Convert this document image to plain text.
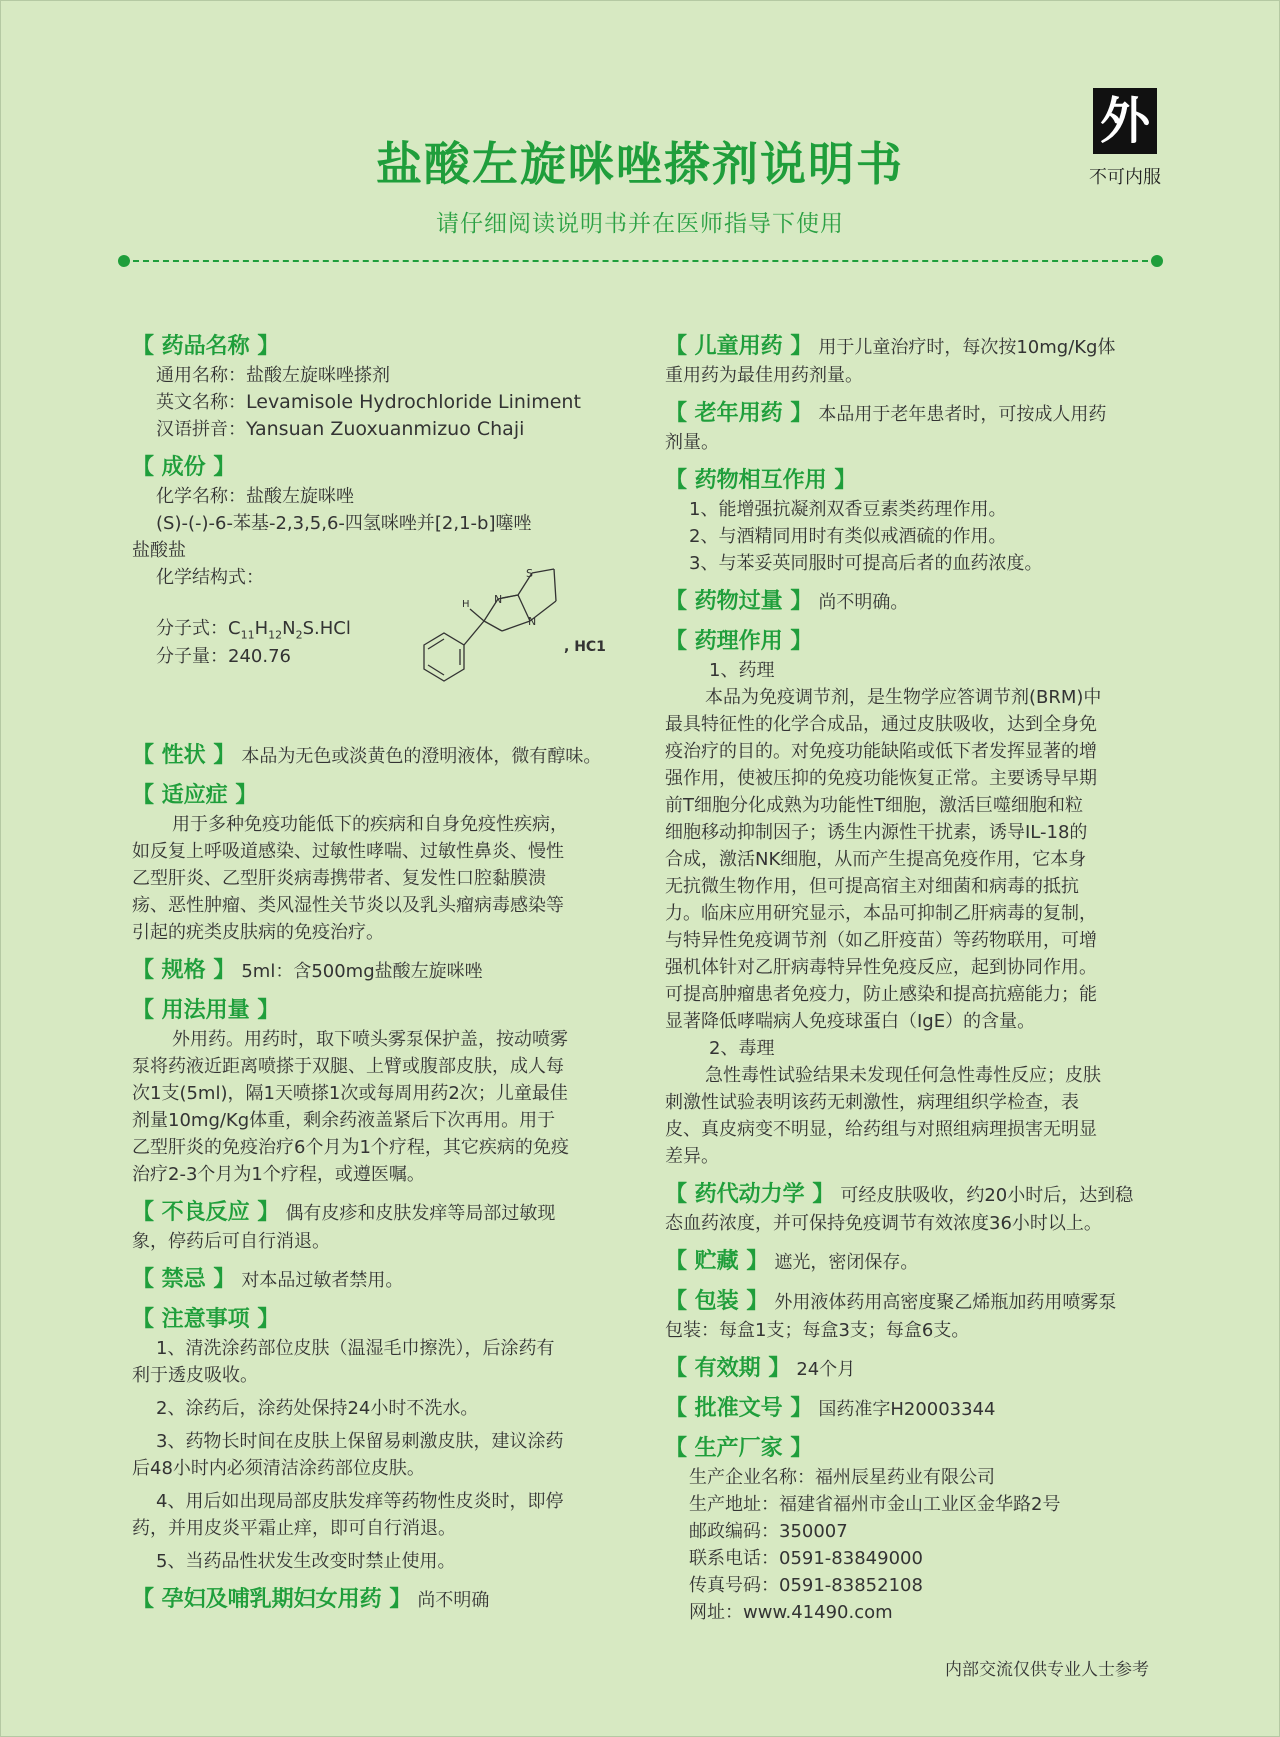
外
不可内服
盐酸左旋咪唑搽剂说明书
请仔细阅读说明书并在医师指导下使用
【 药品名称 】
通用名称：盐酸左旋咪唑搽剂
英文名称：Levamisole Hydrochloride Liniment
汉语拼音：Yansuan Zuoxuanmizuo Chaji
【 成份 】
化学名称：盐酸左旋咪唑
(S)-(-)-6-苯基-2,3,5,6-四氢咪唑并[2,1-b]噻唑
盐酸盐
化学结构式：
分子式：$C_{11}H_{12}N_2S.HCl$
分子量：240.76
H
S
N
N
, HC1
【 性状 】 本品为无色或淡黄色的澄明液体，微有醇味。
【 适应症 】
用于多种免疫功能低下的疾病和自身免疫性疾病，
如反复上呼吸道感染、过敏性哮喘、过敏性鼻炎、慢性
乙型肝炎、乙型肝炎病毒携带者、复发性口腔黏膜溃
疡、恶性肿瘤、类风湿性关节炎以及乳头瘤病毒感染等
引起的疣类皮肤病的免疫治疗。
【 规格 】 5ml：含500mg盐酸左旋咪唑
【 用法用量 】
外用药。用药时，取下喷头雾泵保护盖，按动喷雾
泵将药液近距离喷搽于双腿、上臂或腹部皮肤，成人每
次1支(5ml)，隔1天喷搽1次或每周用药2次；儿童最佳
剂量10mg/Kg体重，剩余药液盖紧后下次再用。用于
乙型肝炎的免疫治疗6个月为1个疗程，其它疾病的免疫
治疗2-3个月为1个疗程，或遵医嘱。
【 不良反应 】 偶有皮疹和皮肤发痒等局部过敏现
象，停药后可自行消退。
【 禁忌 】 对本品过敏者禁用。
【 注意事项 】
1、清洗涂药部位皮肤（温湿毛巾擦洗），后涂药有
利于透皮吸收。
2、涂药后，涂药处保持24小时不洗水。
3、药物长时间在皮肤上保留易刺激皮肤，建议涂药
后48小时内必须清洁涂药部位皮肤。
4、用后如出现局部皮肤发痒等药物性皮炎时，即停
药，并用皮炎平霜止痒，即可自行消退。
5、当药品性状发生改变时禁止使用。
【 孕妇及哺乳期妇女用药 】 尚不明确
【 儿童用药 】 用于儿童治疗时，每次按10mg/Kg体
重用药为最佳用药剂量。
【 老年用药 】 本品用于老年患者时，可按成人用药
剂量。
【 药物相互作用 】
1、能增强抗凝剂双香豆素类药理作用。
2、与酒精同用时有类似戒酒硫的作用。
3、与苯妥英同服时可提高后者的血药浓度。
【 药物过量 】 尚不明确。
【 药理作用 】
1、药理
本品为免疫调节剂，是生物学应答调节剂(BRM)中
最具特征性的化学合成品，通过皮肤吸收，达到全身免
疫治疗的目的。对免疫功能缺陷或低下者发挥显著的增
强作用，使被压抑的免疫功能恢复正常。主要诱导早期
前T细胞分化成熟为功能性T细胞，激活巨噬细胞和粒
细胞移动抑制因子；诱生内源性干扰素，诱导IL-18的
合成，激活NK细胞，从而产生提高免疫作用，它本身
无抗微生物作用，但可提高宿主对细菌和病毒的抵抗
力。临床应用研究显示，本品可抑制乙肝病毒的复制，
与特异性免疫调节剂（如乙肝疫苗）等药物联用，可增
强机体针对乙肝病毒特异性免疫反应，起到协同作用。
可提高肿瘤患者免疫力，防止感染和提高抗癌能力；能
显著降低哮喘病人免疫球蛋白（IgE）的含量。
2、毒理
急性毒性试验结果未发现任何急性毒性反应；皮肤
刺激性试验表明该药无刺激性，病理组织学检查，表
皮、真皮病变不明显，给药组与对照组病理损害无明显
差异。
【 药代动力学 】 可经皮肤吸收，约20小时后，达到稳
态血药浓度，并可保持免疫调节有效浓度36小时以上。
【 贮藏 】 遮光，密闭保存。
【 包装 】 外用液体药用高密度聚乙烯瓶加药用喷雾泵
包装：每盒1支；每盒3支；每盒6支。
【 有效期 】 24个月
【 批准文号 】 国药准字H20003344
【 生产厂家 】
生产企业名称：福州辰星药业有限公司
生产地址：福建省福州市金山工业区金华路2号
邮政编码：350007
联系电话：0591-83849000
传真号码：0591-83852108
网址：www.41490.com
内部交流仅供专业人士参考
